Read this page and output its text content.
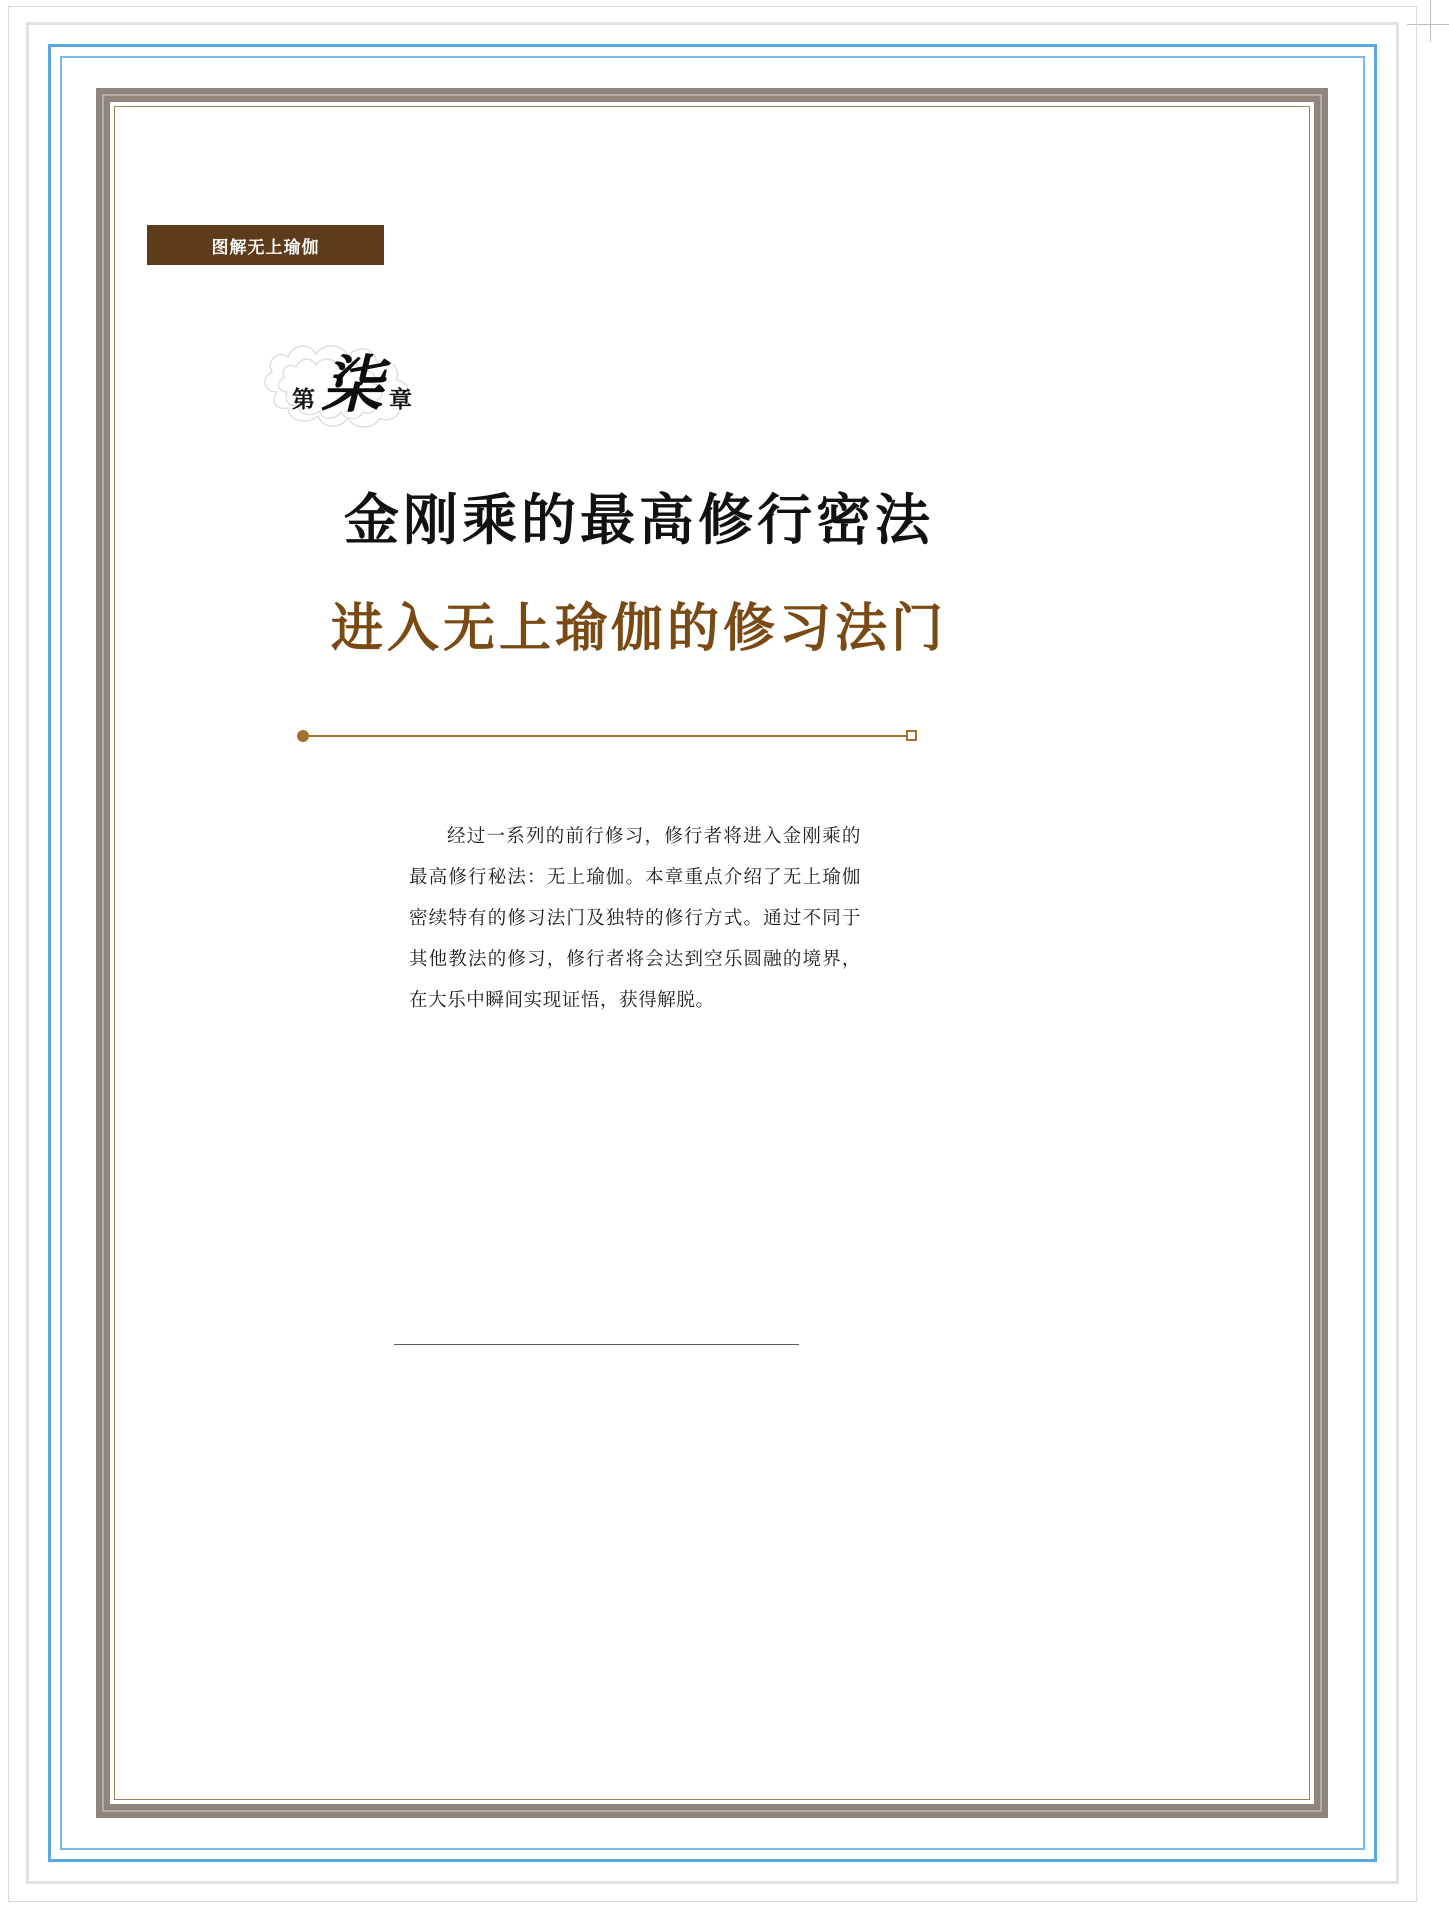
图解无上瑜伽
第 柒 章
金刚乘的最高修行密法
进入无上瑜伽的修习法门
经过一系列的前行修习，修行者将进入金刚乘的最高修行秘法：无上瑜伽。本章重点介绍了无上瑜伽密续特有的修习法门及独特的修行方式。通过不同于其他教法的修习，修行者将会达到空乐圆融的境界，在大乐中瞬间实现证悟，获得解脱。
